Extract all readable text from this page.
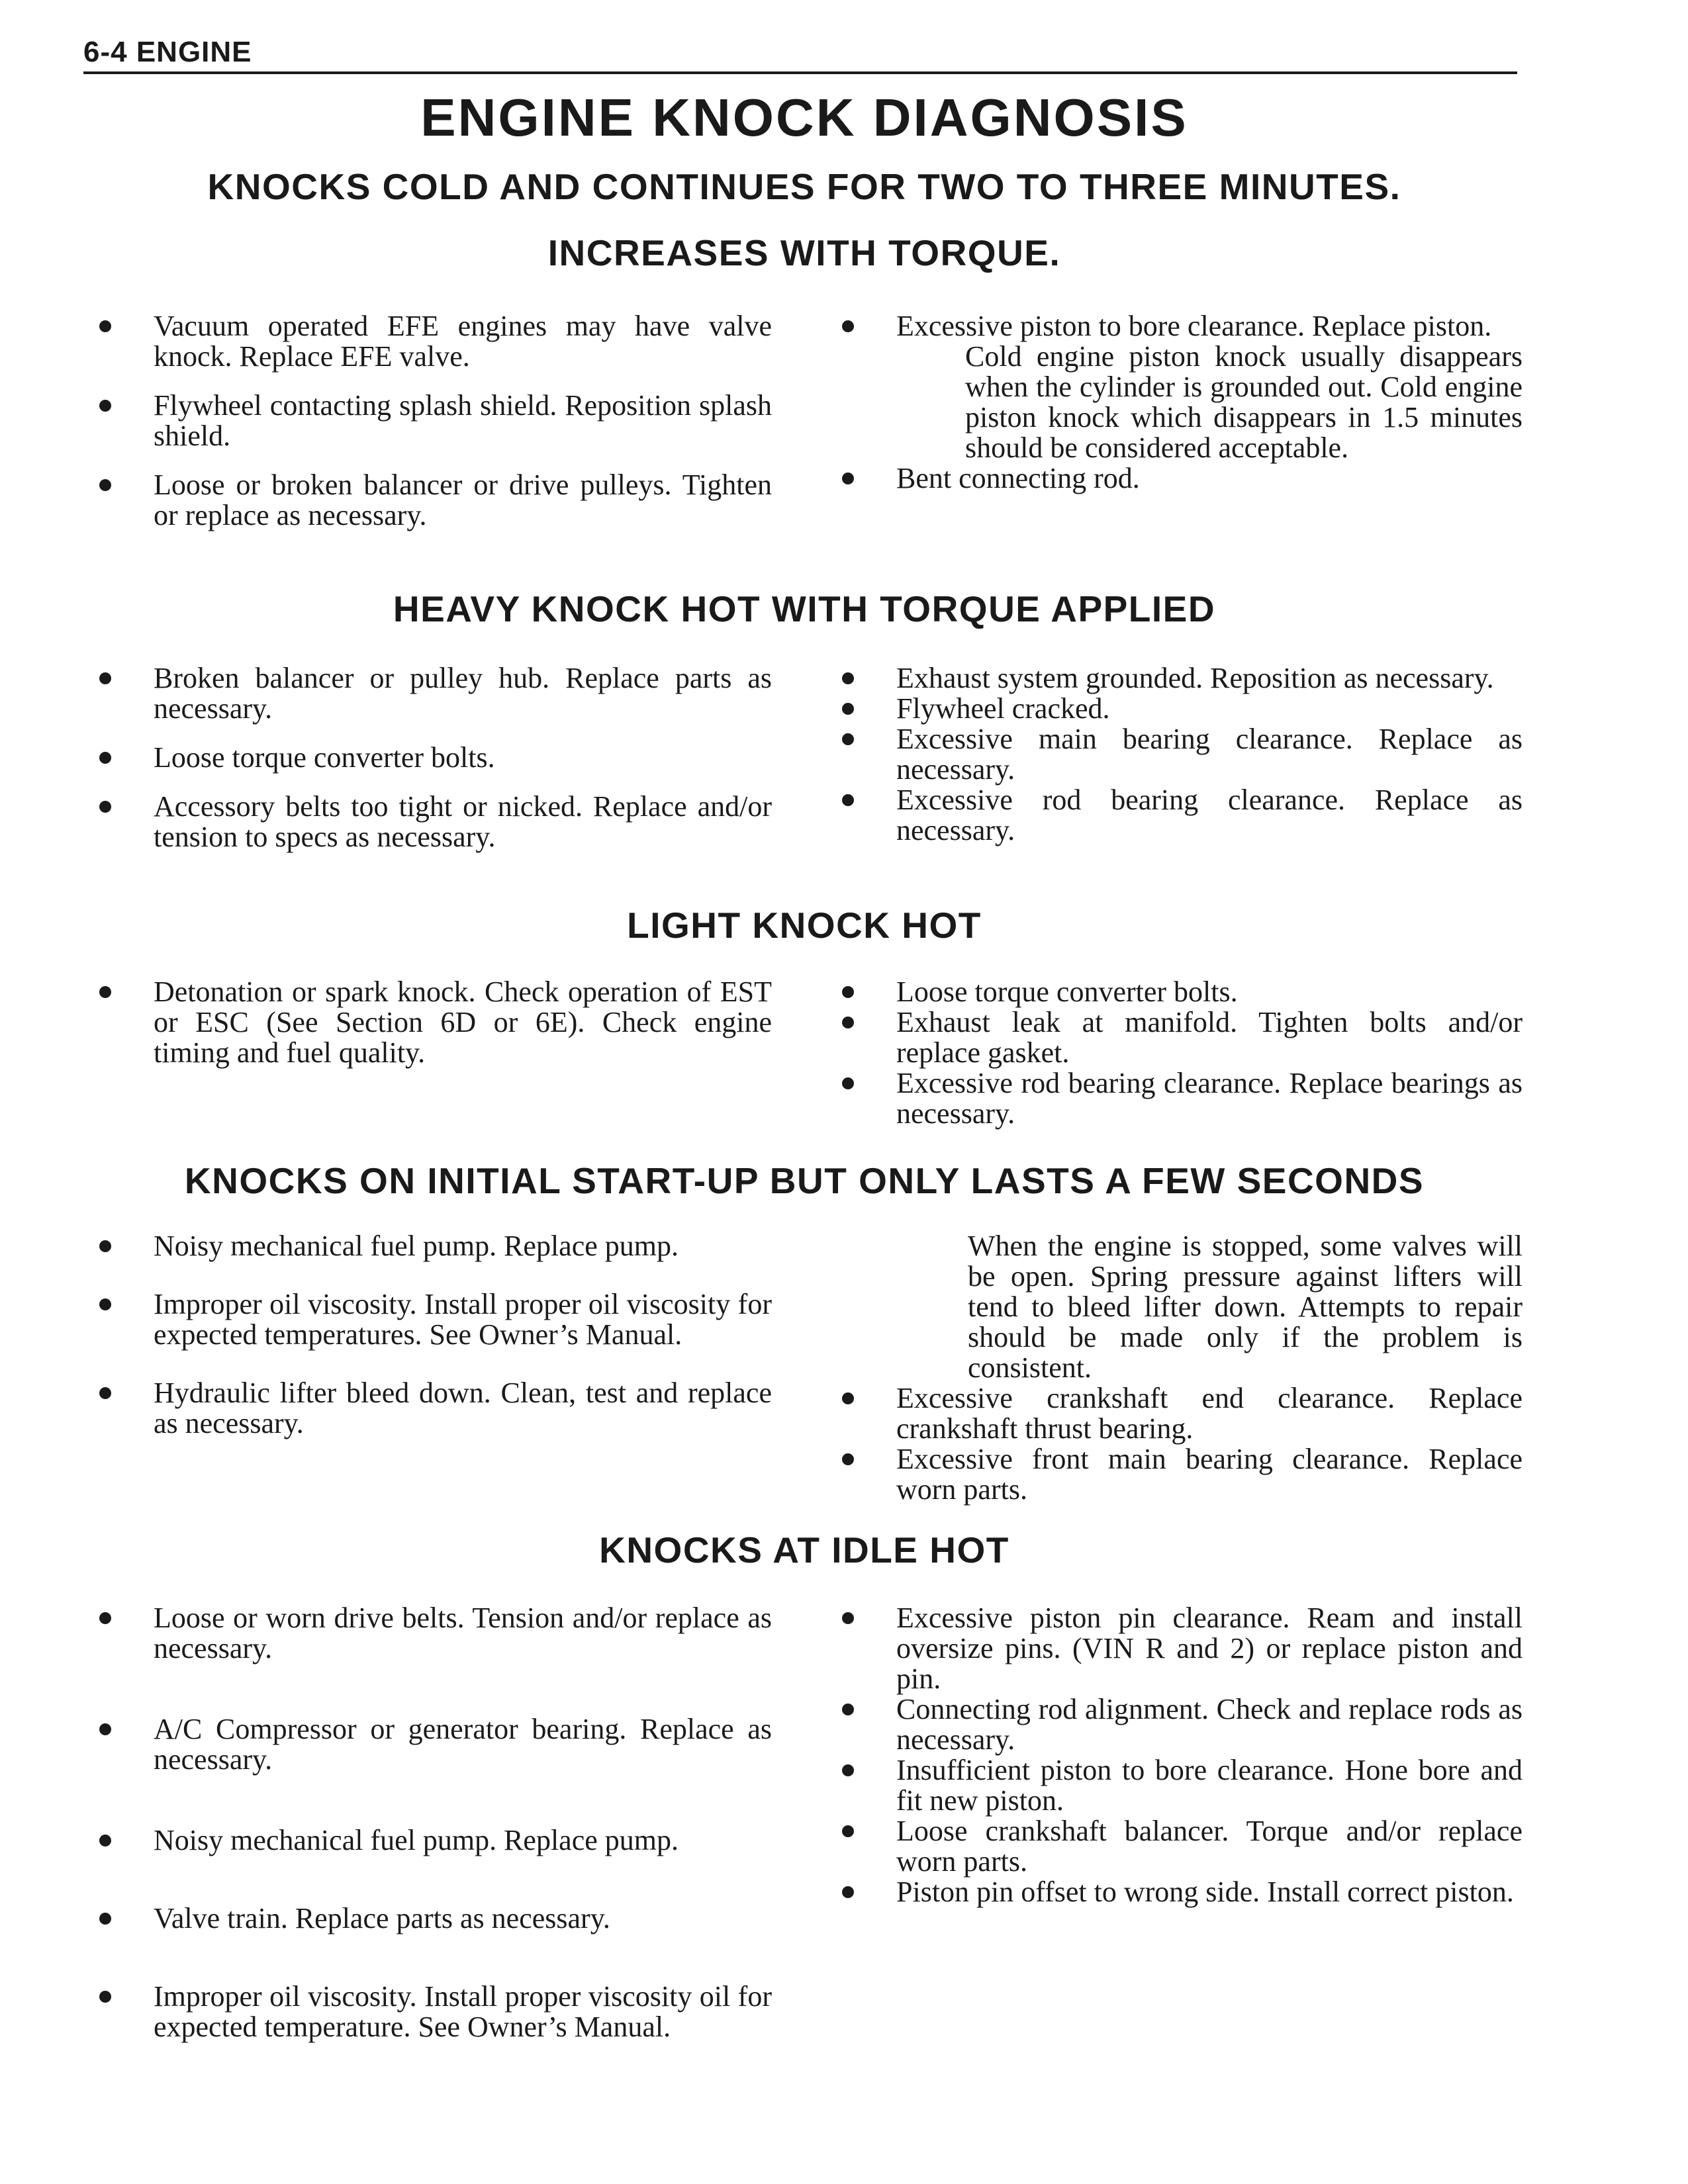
6-4 ENGINE
ENGINE KNOCK DIAGNOSIS
KNOCKS COLD AND CONTINUES FOR TWO TO THREE MINUTES.
INCREASES WITH TORQUE.
Vacuum operated EFE engines may have valve knock. Replace EFE valve.
Flywheel contacting splash shield. Reposition splash shield.
Loose or broken balancer or drive pulleys. Tighten or replace as necessary.
Excessive piston to bore clearance. Replace piston.
Cold engine piston knock usually disappears when the cylinder is grounded out. Cold engine piston knock which disappears in 1.5 minutes should be considered acceptable.
Bent connecting rod.
HEAVY KNOCK HOT WITH TORQUE APPLIED
Broken balancer or pulley hub. Replace parts as necessary.
Loose torque converter bolts.
Accessory belts too tight or nicked. Replace and/or tension to specs as necessary.
Exhaust system grounded. Reposition as necessary.
Flywheel cracked.
Excessive main bearing clearance. Replace as necessary.
Excessive rod bearing clearance. Replace as necessary.
LIGHT KNOCK HOT
Detonation or spark knock. Check operation of EST or ESC (See Section 6D or 6E). Check engine timing and fuel quality.
Loose torque converter bolts.
Exhaust leak at manifold. Tighten bolts and/or replace gasket.
Excessive rod bearing clearance. Replace bearings as necessary.
KNOCKS ON INITIAL START-UP BUT ONLY LASTS A FEW SECONDS
Noisy mechanical fuel pump. Replace pump.
Improper oil viscosity. Install proper oil viscosity for expected temperatures. See Owner’s Manual.
Hydraulic lifter bleed down. Clean, test and replace as necessary.
When the engine is stopped, some valves will be open. Spring pressure against lifters will tend to bleed lifter down. Attempts to repair should be made only if the problem is consistent.
Excessive crankshaft end clearance. Replace crankshaft thrust bearing.
Excessive front main bearing clearance. Replace worn parts.
KNOCKS AT IDLE HOT
Loose or worn drive belts. Tension and/or replace as necessary.
A/C Compressor or generator bearing. Replace as necessary.
Noisy mechanical fuel pump. Replace pump.
Valve train. Replace parts as necessary.
Improper oil viscosity. Install proper viscosity oil for expected temperature. See Owner’s Manual.
Excessive piston pin clearance. Ream and install oversize pins. (VIN R and 2) or replace piston and pin.
Connecting rod alignment. Check and replace rods as necessary.
Insufficient piston to bore clearance. Hone bore and fit new piston.
Loose crankshaft balancer. Torque and/or replace worn parts.
Piston pin offset to wrong side. Install correct piston.
